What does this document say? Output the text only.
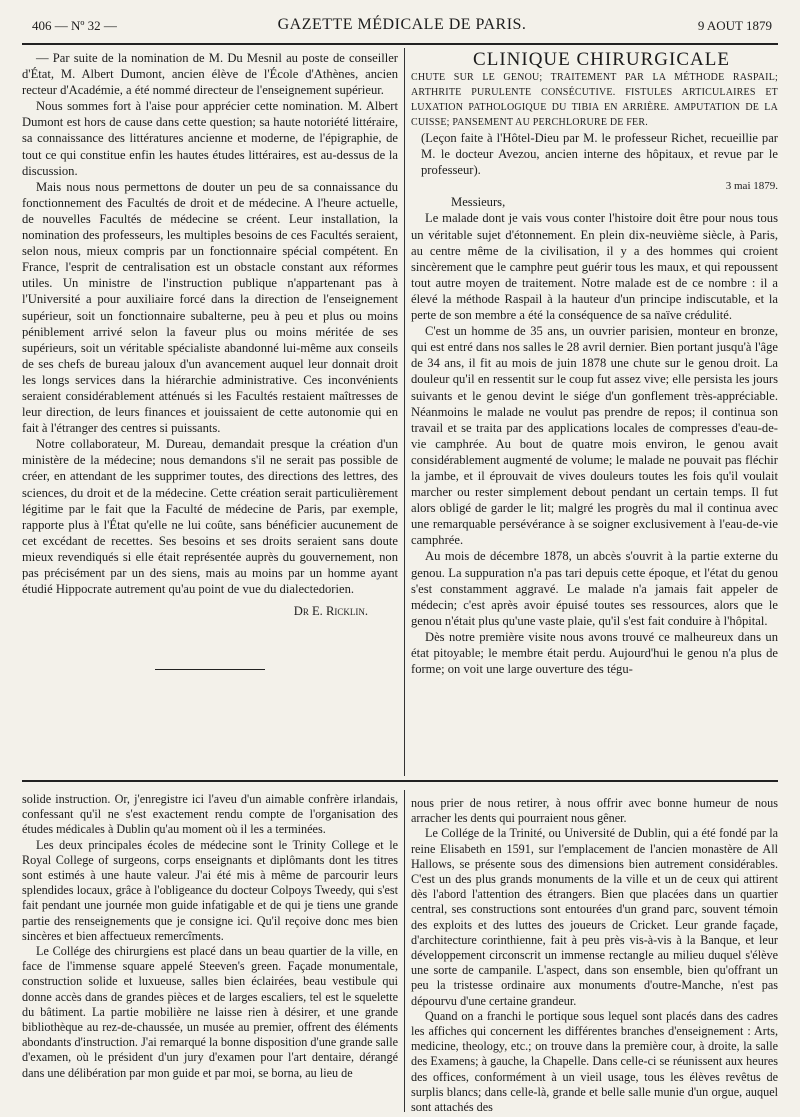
406 — Nº 32 —	GAZETTE MÉDICALE DE PARIS.	9 AOUT 1879

— Par suite de la nomination de M. Du Mesnil au poste de conseiller d'État, M. Albert Dumont, ancien élève de l'École d'Athènes, ancien recteur d'Académie, a été nommé directeur de l'enseignement supérieur.

Nous sommes fort à l'aise pour apprécier cette nomination. M. Albert Dumont est hors de cause dans cette question; sa haute notoriété littéraire, sa connaissance des littératures ancienne et moderne, de l'épigraphie, de tout ce qui constitue enfin les hautes études littéraires, est au-dessus de la discussion.

Mais nous nous permettons de douter un peu de sa connaissance du fonctionnement des Facultés de droit et de médecine. A l'heure actuelle, de nouvelles Facultés de médecine se créent. Leur installation, la nomination des professeurs, les multiples besoins de ces Facultés seraient, selon nous, mieux compris par un fonctionnaire spécial compétent. En France, l'esprit de centralisation est un obstacle constant aux réformes utiles. Un ministre de l'instruction publique n'appartenant pas à l'Université a pour auxiliaire forcé dans la direction de l'enseignement supérieur, soit un fonctionnaire subalterne, peu à peu et plus ou moins péniblement arrivé selon la faveur plus ou moins méritée de ses supérieurs, soit un véritable spécialiste abandonné lui-même aux conseils de ses chefs de bureau jaloux d'un avancement auquel leur donnait droit les longs services dans la hiérarchie administrative. Ces inconvénients seraient considérablement atténués si les Facultés restaient maîtresses de leur direction, de leurs finances et jouissaient de cette autonomie qui en fait à l'étranger des centres si puissants.

Notre collaborateur, M. Dureau, demandait presque la création d'un ministère de la médecine; nous demandons s'il ne serait pas possible de créer, en attendant de les supprimer toutes, des directions des lettres, des sciences, du droit et de la médecine. Cette création serait particulièrement légitime par le fait que la Faculté de médecine de Paris, par exemple, rapporte plus à l'État qu'elle ne lui coûte, sans bénéficier aucunement de cet excédant de recettes. Ses besoins et ses droits seraient sans doute mieux revendiqués si elle était représentée auprès du gouvernement, non pas précisément par un des siens, mais au moins par un homme ayant étudié Hippocrate autrement qu'au point de vue du dialectedorien.

Dr E. Ricklin.

CLINIQUE CHIRURGICALE

CHUTE SUR LE GENOU; TRAITEMENT PAR LA MÉTHODE RASPAIL; ARTHRITE PURULENTE CONSÉCUTIVE. FISTULES ARTICULAIRES ET LUXATION PATHOLOGIQUE DU TIBIA EN ARRIÈRE. AMPUTATION DE LA CUISSE; PANSEMENT AU PERCHLORURE DE FER.

(Leçon faite à l'Hôtel-Dieu par M. le professeur Richet, recueillie par M. le docteur Avezou, ancien interne des hôpitaux, et revue par le professeur).

3 mai 1879.

Messieurs,

Le malade dont je vais vous conter l'histoire doit être pour nous tous un véritable sujet d'étonnement. En plein dix-neuvième siècle, à Paris, au centre même de la civilisation, il y a des hommes qui croient sincèrement que le camphre peut guérir tous les maux, et qui repoussent tout autre moyen de traitement. Notre malade est de ce nombre : il a élevé la méthode Raspail à la hauteur d'un principe indiscutable, et la perte de son membre a été la conséquence de sa naïve crédulité.

C'est un homme de 35 ans, un ouvrier parisien, monteur en bronze, qui est entré dans nos salles le 28 avril dernier. Bien portant jusqu'à l'âge de 34 ans, il fit au mois de juin 1878 une chute sur le genou droit. La douleur qu'il en ressentit sur le coup fut assez vive; elle persista les jours suivants et le genou devint le siége d'un gonflement très-appréciable. Néanmoins le malade ne voulut pas prendre de repos; il continua son travail et se traita par des applications locales de compresses d'eau-de-vie camphrée. Au bout de quatre mois environ, le genou avait considérablement augmenté de volume; le malade ne pouvait pas fléchir la jambe, et il éprouvait de vives douleurs toutes les fois qu'il voulait marcher ou rester simplement debout pendant un certain temps. Il fut alors obligé de garder le lit; malgré les progrès du mal il continua avec une remarquable persévérance à se soigner exclusivement à l'eau-de-vie camphrée.

Au mois de décembre 1878, un abcès s'ouvrit à la partie externe du genou. La suppuration n'a pas tari depuis cette époque, et l'état du genou s'est constamment aggravé. Le malade n'a jamais fait appeler de médecin; c'est après avoir épuisé toutes ses ressources, alors que le genou n'était plus qu'une vaste plaie, qu'il s'est fait conduire à l'hôpital.

Dès notre première visite nous avons trouvé ce malheureux dans un état pitoyable; le membre était perdu. Aujourd'hui le genou n'a plus de forme; on voit une large ouverture des tégu-

solide instruction. Or, j'enregistre ici l'aveu d'un aimable confrère irlandais, confessant qu'il ne s'est exactement rendu compte de l'organisation des études médicales à Dublin qu'au moment où il les a terminées.

Les deux principales écoles de médecine sont le Trinity College et le Royal College of surgeons, corps enseignants et diplômants dont les titres sont estimés à une haute valeur. J'ai été mis à même de parcourir leurs splendides locaux, grâce à l'obligeance du docteur Colpoys Tweedy, qui s'est fait pendant une journée mon guide infatigable et de qui je tiens une grande partie des renseignements que je consigne ici. Qu'il reçoive donc mes bien sincères et bien affectueux remercîments.

Le Collége des chirurgiens est placé dans un beau quartier de la ville, en face de l'immense square appelé Steeven's green. Façade monumentale, construction solide et luxueuse, salles bien éclairées, beau vestibule qui donne accès dans de grandes pièces et de larges escaliers, tel est le squelette du bâtiment. La partie mobilière ne laisse rien à désirer, et une grande bibliothèque au rez-de-chaussée, un musée au premier, offrent des éléments abondants d'instruction. J'ai remarqué la bonne disposition d'une grande salle d'examen, où le président d'un jury d'examen pour l'art dentaire, dérangé dans une délibération par mon guide et par moi, se borna, au lieu de

nous prier de nous retirer, à nous offrir avec bonne humeur de nous arracher les dents qui pourraient nous gêner.

Le Collége de la Trinité, ou Université de Dublin, qui a été fondé par la reine Elisabeth en 1591, sur l'emplacement de l'ancien monastère de All Hallows, se présente sous des dimensions bien autrement considérables. C'est un des plus grands monuments de la ville et un de ceux qui attirent dès l'abord l'attention des étrangers. Bien que placées dans un quartier central, ses constructions sont entourées d'un grand parc, souvent témoin des exploits et des luttes des joueurs de Cricket. Leur grande façade, d'architecture corinthienne, fait à peu près vis-à-vis à la Banque, et leur développement circonscrit un immense rectangle au milieu duquel s'élève une sorte de campanile. L'aspect, dans son ensemble, bien qu'offrant un peu la tristesse ordinaire aux monuments d'outre-Manche, n'est pas dépourvu d'une certaine grandeur.

Quand on a franchi le portique sous lequel sont placés dans des cadres les affiches qui concernent les différentes branches d'enseignement : Arts, medicine, theology, etc.; on trouve dans la première cour, à droite, la salle des Examens; à gauche, la Chapelle. Dans celle-ci se réunissent aux heures des offices, conformément à un vieil usage, tous les élèves revêtus de surplis blancs; dans celle-là, grande et belle salle munie d'un orgue, auquel sont attachés des
